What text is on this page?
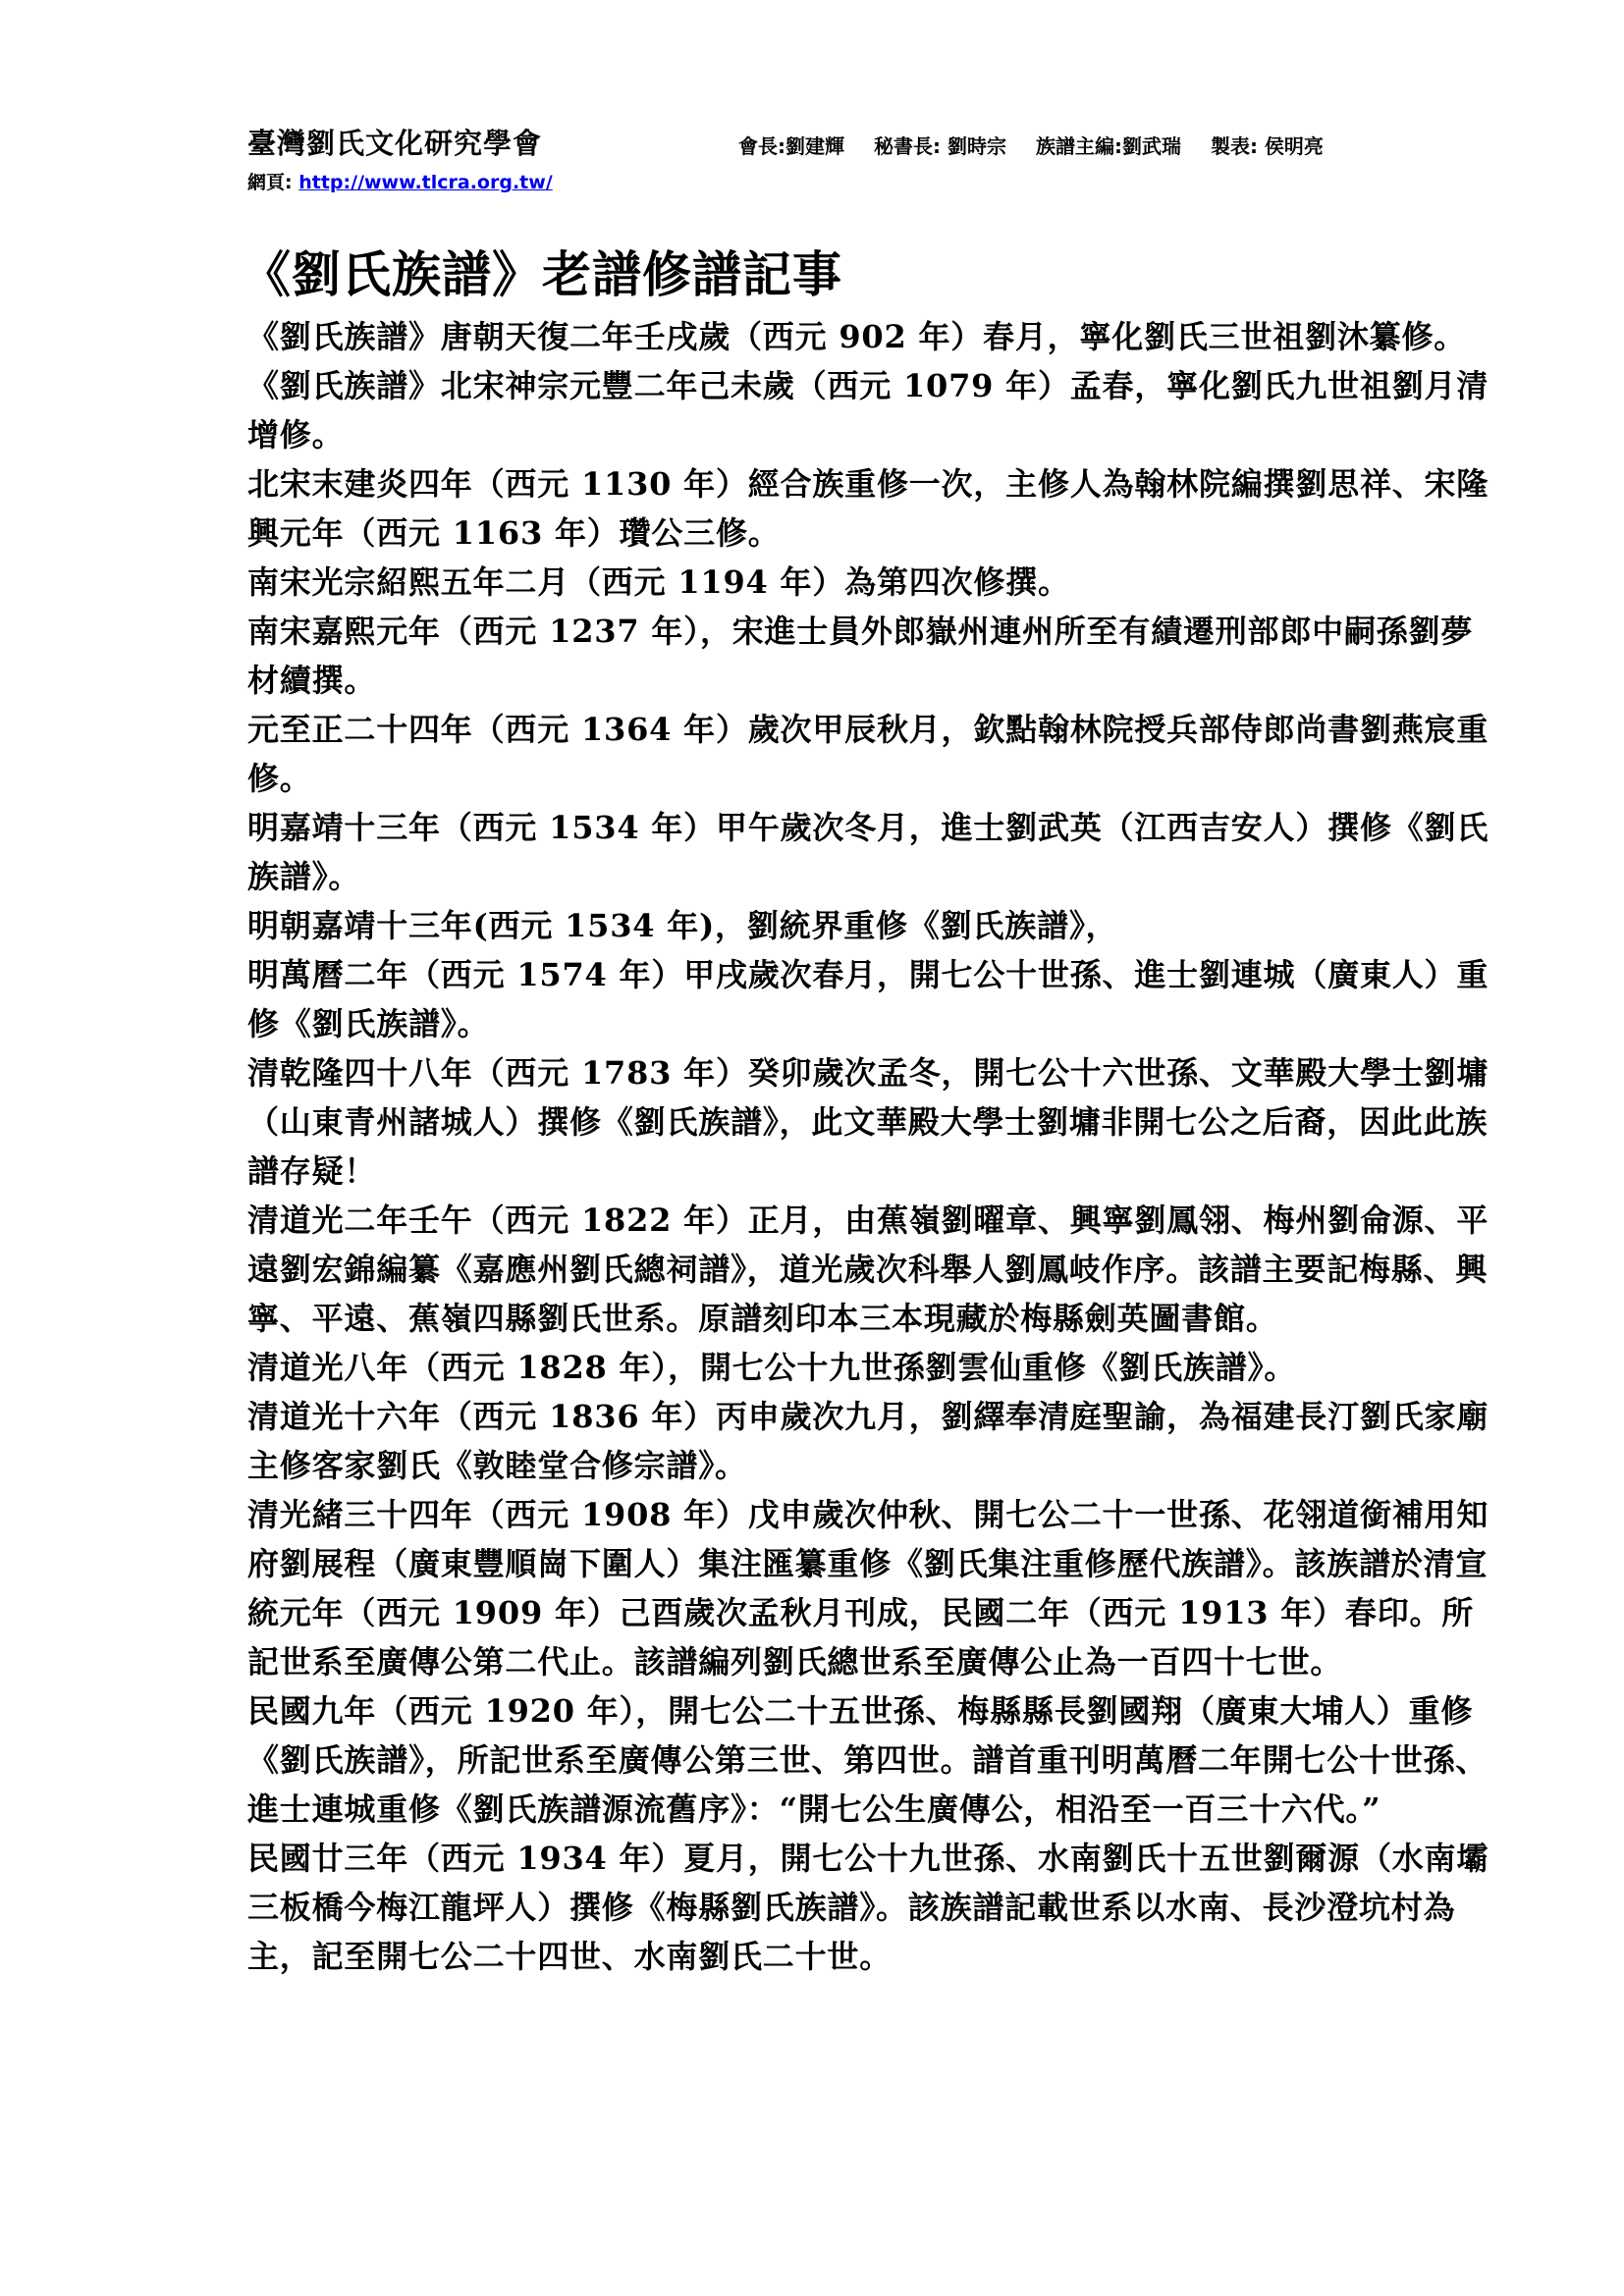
臺灣劉氏文化研究學會	會長:劉建輝 秘書長: 劉時宗 族譜主編:劉武瑞 製表: 侯明亮
網頁: http://www.tlcra.org.tw/
《劉氏族譜》老譜修譜記事

《劉氏族譜》唐朝天復二年壬戌歲（西元 902 年）春月，寧化劉氏三世祖劉沐纂修。

《劉氏族譜》北宋神宗元豐二年己未歲（西元 1079 年）孟春，寧化劉氏九世祖劉月清增修。

北宋末建炎四年（西元 1130 年）經合族重修一次，主修人為翰林院編撰劉思祥、宋隆興元年（西元 1163 年）瓚公三修。

南宋光宗紹熙五年二月（西元 1194 年）為第四次修撰。

南宋嘉熙元年（西元 1237 年），宋進士員外郎嶽州連州所至有績遷刑部郎中嗣孫劉夢材續撰。

元至正二十四年（西元 1364 年）歲次甲辰秋月，欽點翰林院授兵部侍郎尚書劉燕宸重修。

明嘉靖十三年（西元 1534 年）甲午歲次冬月，進士劉武英（江西吉安人）撰修《劉氏族譜》。

明朝嘉靖十三年(西元 1534 年)，劉統界重修《劉氏族譜》，

明萬曆二年（西元 1574 年）甲戌歲次春月，開七公十世孫、進士劉連城（廣東人）重修《劉氏族譜》。

清乾隆四十八年（西元 1783 年）癸卯歲次孟冬，開七公十六世孫、文華殿大學士劉墉（山東青州諸城人）撰修《劉氏族譜》，此文華殿大學士劉墉非開七公之后裔，因此此族譜存疑！

清道光二年壬午（西元 1822 年）正月，由蕉嶺劉曜章、興寧劉鳳翎、梅州劉侖源、平遠劉宏錦編纂《嘉應州劉氏總祠譜》，道光歲次科舉人劉鳳岐作序。該譜主要記梅縣、興寧、平遠、蕉嶺四縣劉氏世系。原譜刻印本三本現藏於梅縣劍英圖書館。

清道光八年（西元 1828 年），開七公十九世孫劉雲仙重修《劉氏族譜》。

清道光十六年（西元 1836 年）丙申歲次九月，劉繹奉清庭聖諭，為福建長汀劉氏家廟主修客家劉氏《敦睦堂合修宗譜》。

清光緒三十四年（西元 1908 年）戊申歲次仲秋、開七公二十一世孫、花翎道銜補用知府劉展程（廣東豐順崗下圍人）集注匯纂重修《劉氏集注重修歷代族譜》。該族譜於清宣統元年（西元 1909 年）己酉歲次孟秋月刊成，民國二年（西元 1913 年）春印。所記世系至廣傳公第二代止。該譜編列劉氏總世系至廣傳公止為一百四十七世。

民國九年（西元 1920 年），開七公二十五世孫、梅縣縣長劉國翔（廣東大埔人）重修《劉氏族譜》，所記世系至廣傳公第三世、第四世。譜首重刊明萬曆二年開七公十世孫、進士連城重修《劉氏族譜源流舊序》：“開七公生廣傳公，相沿至一百三十六代。”

民國廿三年（西元 1934 年）夏月，開七公十九世孫、水南劉氏十五世劉爾源（水南壩三板橋今梅江龍坪人）撰修《梅縣劉氏族譜》。該族譜記載世系以水南、長沙澄坑村為主，記至開七公二十四世、水南劉氏二十世。
